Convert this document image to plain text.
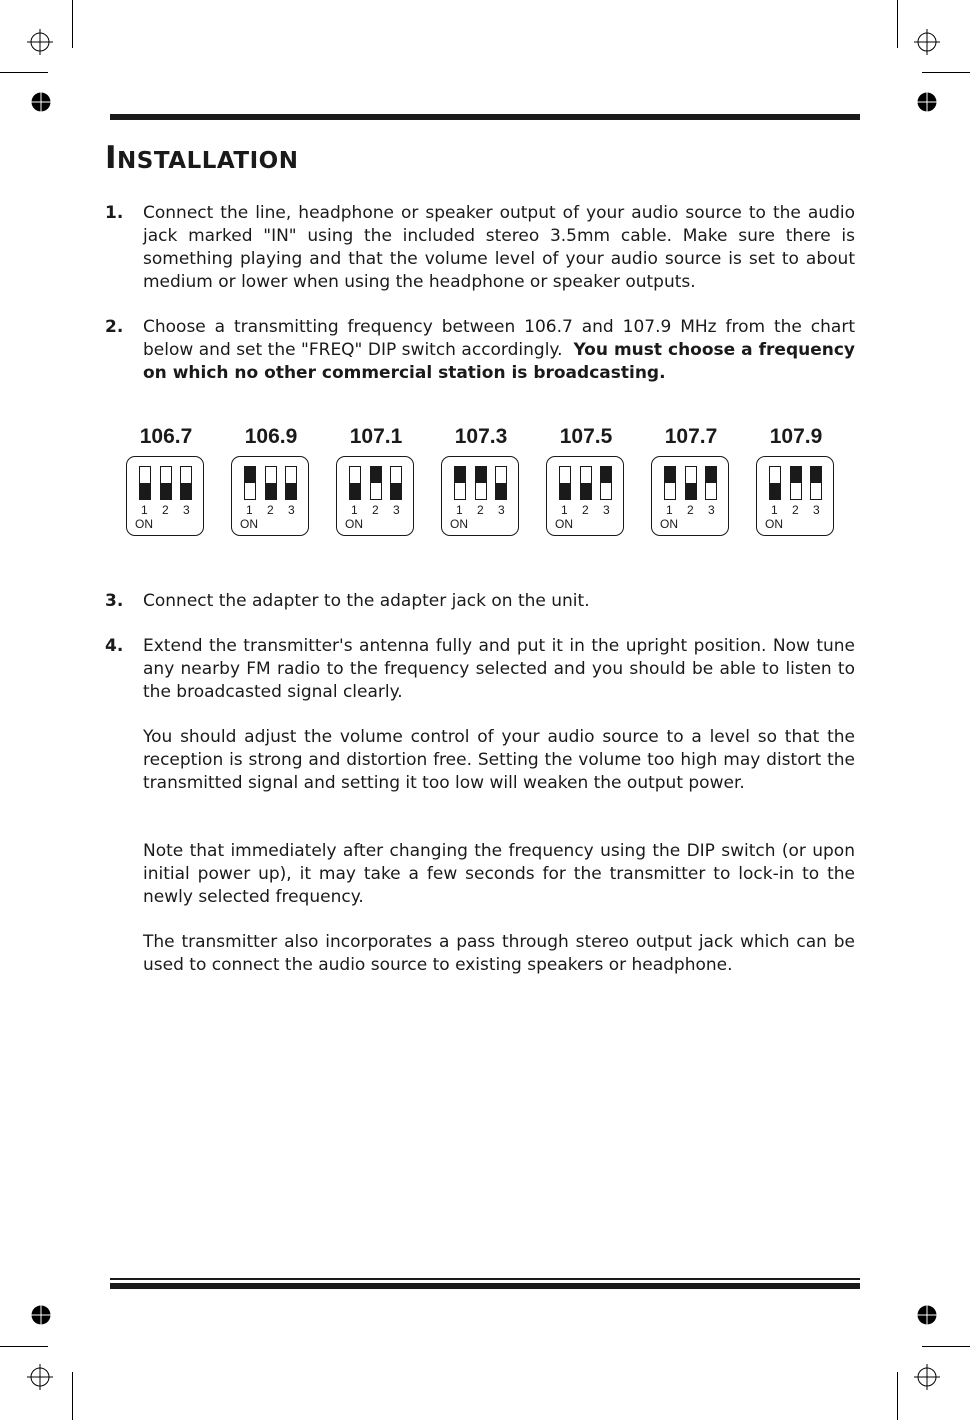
INSTALLATION
1. Connect the line, headphone or speaker output of your audio source to the audio jack marked "IN" using the included stereo 3.5mm cable. Make sure there is something playing and that the volume level of your audio source is set to about medium or lower when using the headphone or speaker outputs.
2. Choose a transmitting frequency between 106.7 and 107.9 MHz from the chart below and set the "FREQ" DIP switch accordingly. You must choose a frequency on which no other commercial station is broadcasting.
106.7
1 2 3
ON
106.9
1 2 3
ON
107.1
1 2 3
ON
107.3
1 2 3
ON
107.5
1 2 3
ON
107.7
1 2 3
ON
107.9
1 2 3
ON
3. Connect the adapter to the adapter jack on the unit.
4. Extend the transmitter's antenna fully and put it in the upright position. Now tune any nearby FM radio to the frequency selected and you should be able to listen to the broadcasted signal clearly.
You should adjust the volume control of your audio source to a level so that the reception is strong and distortion free. Setting the volume too high may distort the transmitted signal and setting it too low will weaken the output power.
Note that immediately after changing the frequency using the DIP switch (or upon initial power up), it may take a few seconds for the transmitter to lock-in to the newly selected frequency.
The transmitter also incorporates a pass through stereo output jack which can be used to connect the audio source to existing speakers or headphone.
